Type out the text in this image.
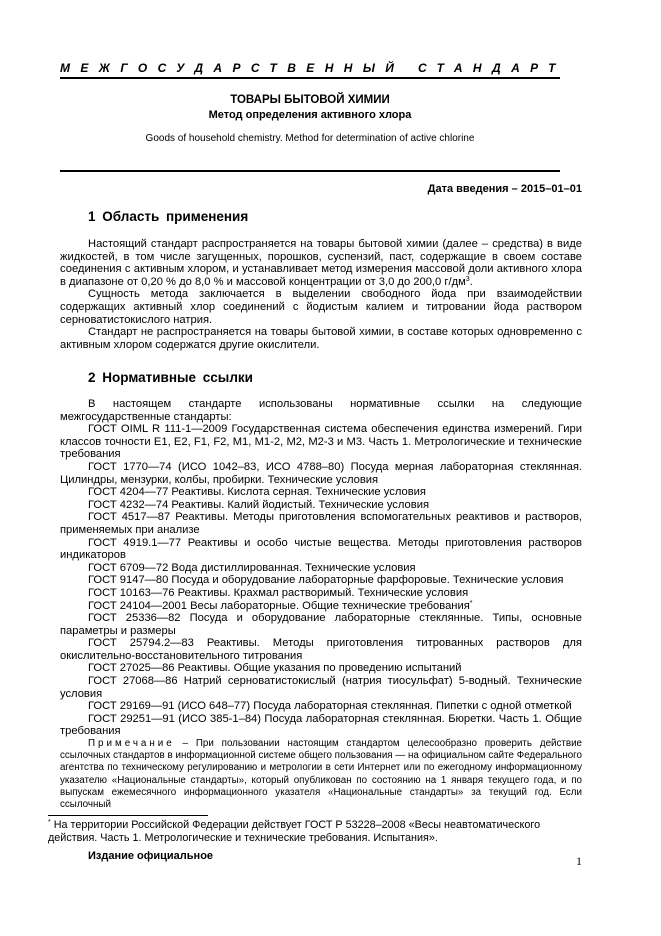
МЕЖГОСУДАРСТВЕННЫЙ СТАНДАРТ
ТОВАРЫ БЫТОВОЙ ХИМИИ
Метод определения активного хлора
Goods of household chemistry. Method for determination of active chlorine
Дата введения – 2015–01–01
1 Область применения

Настоящий стандарт распространяется на товары бытовой химии (далее – средства) в виде жидкостей, в том числе загущенных, порошков, суспензий, паст, содержащие в своем составе соединения с активным хлором, и устанавливает метод измерения массовой доли активного хлора в диапазоне от 0,20 % до 8,0 % и массовой концентрации от 3,0 до 200,0 $г/дм^3$.

Сущность метода заключается в выделении свободного йода при взаимодействии содержащих активный хлор соединений с йодистым калием и титровании йода раствором серноватистокислого натрия.

Стандарт не распространяется на товары бытовой химии, в составе которых одновременно с активным хлором содержатся другие окислители.

2 Нормативные ссылки

В настоящем стандарте использованы нормативные ссылки на следующие межгосударственные стандарты:

ГОСТ OIML R 111-1—2009 Государственная система обеспечения единства измерений. Гири классов точности E1, E2, F1, F2, M1, M1-2, M2, M2-3 и M3. Часть 1. Метрологические и технические требования

ГОСТ 1770—74 (ИСО 1042–83, ИСО 4788–80) Посуда мерная лабораторная стеклянная. Цилиндры, мензурки, колбы, пробирки. Технические условия

ГОСТ 4204—77 Реактивы. Кислота серная. Технические условия

ГОСТ 4232—74 Реактивы. Калий йодистый. Технические условия

ГОСТ 4517—87 Реактивы. Методы приготовления вспомогательных реактивов и растворов, применяемых при анализе

ГОСТ 4919.1—77 Реактивы и особо чистые вещества. Методы приготовления растворов индикаторов

ГОСТ 6709—72 Вода дистиллированная. Технические условия

ГОСТ 9147—80 Посуда и оборудование лабораторные фарфоровые. Технические условия

ГОСТ 10163—76 Реактивы. Крахмал растворимый. Технические условия

ГОСТ 24104—2001 Весы лабораторные. Общие технические требования*

ГОСТ 25336—82 Посуда и оборудование лабораторные стеклянные. Типы, основные параметры и размеры

ГОСТ 25794.2—83 Реактивы. Методы приготовления титрованных растворов для окислительно-восстановительного титрования

ГОСТ 27025—86 Реактивы. Общие указания по проведению испытаний

ГОСТ 27068—86 Натрий серноватистокислый (натрия тиосульфат) 5-водный. Технические условия

ГОСТ 29169—91 (ИСО 648–77) Посуда лабораторная стеклянная. Пипетки с одной отметкой

ГОСТ 29251—91 (ИСО 385-1–84) Посуда лабораторная стеклянная. Бюретки. Часть 1. Общие требования

Примечание – При пользовании настоящим стандартом целесообразно проверить действие ссылочных стандартов в информационной системе общего пользования — на официальном сайте Федерального агентства по техническому регулированию и метрологии в сети Интернет или по ежегодному информационному указателю «Национальные стандарты», который опубликован по состоянию на 1 января текущего года, и по выпускам ежемесячного информационного указателя «Национальные стандарты» за текущий год. Если ссылочный

* На территории Российской Федерации действует ГОСТ Р 53228–2008 «Весы неавтоматического действия. Часть 1. Метрологические и технические требования. Испытания».
Издание официальное	1
